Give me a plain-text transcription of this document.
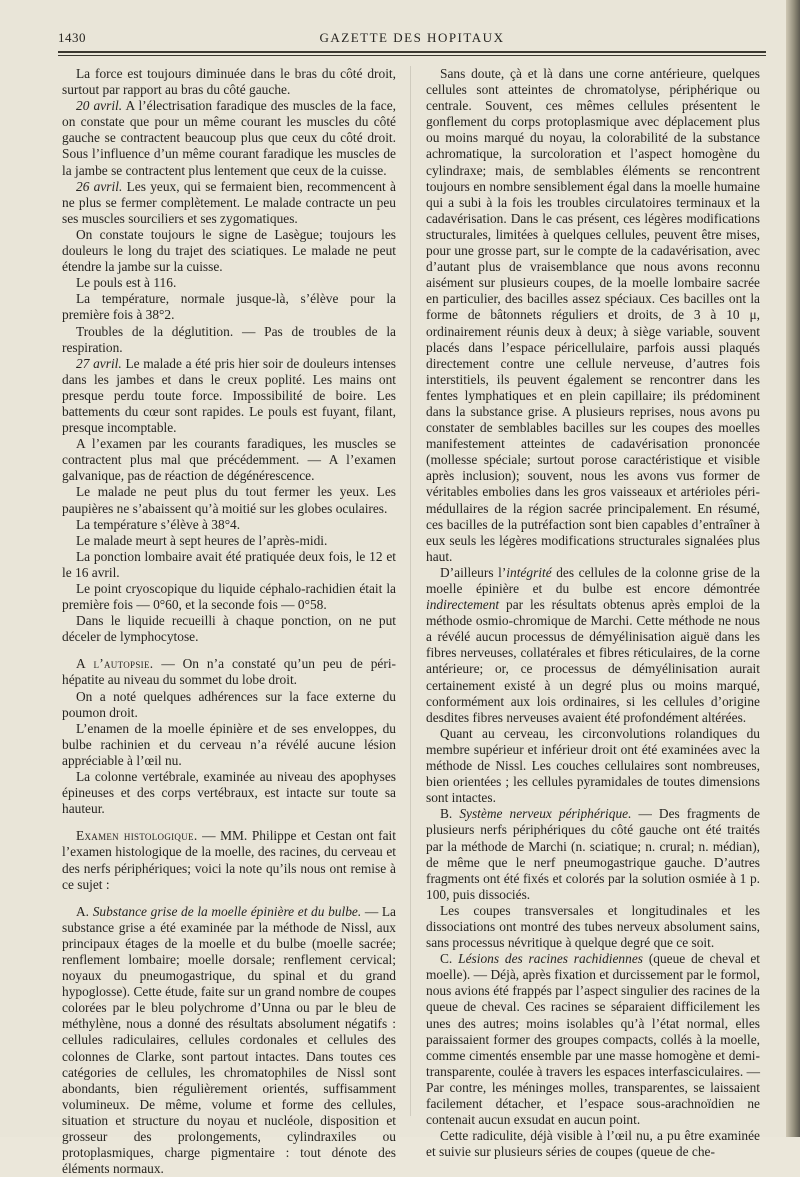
1430	GAZETTE DES HOPITAUX

La force est toujours diminuée dans le bras du côté droit, surtout par rapport au bras du côté gauche.

20 avril. A l’électrisation faradique des muscles de la face, on constate que pour un même courant les muscles du côté gauche se contractent beaucoup plus que ceux du côté droit. Sous l’influence d’un même courant faradique les muscles de la jambe se contractent plus lentement que ceux de la cuisse.

26 avril. Les yeux, qui se fermaient bien, recommencent à ne plus se fermer complètement. Le malade contracte un peu ses muscles sourciliers et ses zygomatiques.

On constate toujours le signe de Lasègue; toujours les douleurs le long du trajet des sciatiques. Le malade ne peut étendre la jambe sur la cuisse.

Le pouls est à 116.

La température, normale jusque-là, s’élève pour la première fois à 38°2.

Troubles de la déglutition. — Pas de troubles de la respiration.

27 avril. Le malade a été pris hier soir de douleurs intenses dans les jambes et dans le creux poplité. Les mains ont presque perdu toute force. Impossibilité de boire. Les battements du cœur sont rapides. Le pouls est fuyant, filant, presque incomptable.

A l’examen par les courants faradiques, les muscles se contractent plus mal que précédemment. — A l’examen galvanique, pas de réaction de dégénérescence.

Le malade ne peut plus du tout fermer les yeux. Les paupières ne s’abaissent qu’à moitié sur les globes oculaires.

La température s’élève à 38°4.

Le malade meurt à sept heures de l’après-midi.

La ponction lombaire avait été pratiquée deux fois, le 12 et le 16 avril.

Le point cryoscopique du liquide céphalo-rachidien était la première fois — 0°60, et la seconde fois — 0°58.

Dans le liquide recueilli à chaque ponction, on ne put déceler de lymphocytose.

A l’autopsie. — On n’a constaté qu’un peu de péri-hépatite au niveau du sommet du lobe droit.

On a noté quelques adhérences sur la face externe du poumon droit.

L’enamen de la moelle épinière et de ses enveloppes, du bulbe rachinien et du cerveau n’a révélé aucune lésion appréciable à l’œil nu.

La colonne vertébrale, examinée au niveau des apophyses épineuses et des corps vertébraux, est intacte sur toute sa hauteur.

Examen histologique. — MM. Philippe et Cestan ont fait l’examen histologique de la moelle, des racines, du cerveau et des nerfs périphériques; voici la note qu’ils nous ont remise à ce sujet :

A. Substance grise de la moelle épinière et du bulbe. — La substance grise a été examinée par la méthode de Nissl, aux principaux étages de la moelle et du bulbe (moelle sacrée; renflement lombaire; moelle dorsale; renflement cervical; noyaux du pneumogastrique, du spinal et du grand hypoglosse). Cette étude, faite sur un grand nombre de coupes colorées par le bleu polychrome d’Unna ou par le bleu de méthylène, nous a donné des résultats absolument négatifs : cellules radiculaires, cellules cordonales et cellules des colonnes de Clarke, sont partout intactes. Dans toutes ces catégories de cellules, les chromatophiles de Nissl sont abondants, bien régulièrement orientés, suffisamment volumineux. De même, volume et forme des cellules, situation et structure du noyau et nucléole, disposition et grosseur des prolongements, cylindraxiles ou protoplasmiques, charge pigmentaire : tout dénote des éléments normaux.

Sans doute, çà et là dans une corne antérieure, quelques cellules sont atteintes de chromatolyse, périphérique ou centrale. Souvent, ces mêmes cellules présentent le gonflement du corps protoplasmique avec déplacement plus ou moins marqué du noyau, la colorabilité de la substance achromatique, la surcoloration et l’aspect homogène du cylindraxe; mais, de semblables éléments se rencontrent toujours en nombre sensiblement égal dans la moelle humaine qui a subi à la fois les troubles circulatoires terminaux et la cadavérisation. Dans le cas présent, ces légères modifications structurales, limitées à quelques cellules, peuvent être mises, pour une grosse part, sur le compte de la cadavérisation, avec d’autant plus de vraisemblance que nous avons reconnu aisément sur plusieurs coupes, de la moelle lombaire sacrée en particulier, des bacilles assez spéciaux. Ces bacilles ont la forme de bâtonnets réguliers et droits, de 3 à 10 μ, ordinairement réunis deux à deux; à siège variable, souvent placés dans l’espace péricellulaire, parfois aussi plaqués directement contre une cellule nerveuse, d’autres fois interstitiels, ils peuvent également se rencontrer dans les fentes lymphatiques et en plein capillaire; ils prédominent dans la substance grise. A plusieurs reprises, nous avons pu constater de semblables bacilles sur les coupes des moelles manifestement atteintes de cadavérisation prononcée (mollesse spéciale; surtout porose caractéristique et visible après inclusion); souvent, nous les avons vus former de véritables embolies dans les gros vaisseaux et artérioles péri-médullaires de la région sacrée principalement. En résumé, ces bacilles de la putréfaction sont bien capables d’entraîner à eux seuls les légères modifications structurales signalées plus haut.

D’ailleurs l’intégrité des cellules de la colonne grise de la moelle épinière et du bulbe est encore démontrée indirectement par les résultats obtenus après emploi de la méthode osmio-chromique de Marchi. Cette méthode ne nous a révélé aucun processus de démyélinisation aiguë dans les fibres nerveuses, collatérales et fibres réticulaires, de la corne antérieure; or, ce processus de démyélinisation aurait certainement existé à un degré plus ou moins marqué, conformément aux lois ordinaires, si les cellules d’origine desdites fibres nerveuses avaient été profondément altérées.

Quant au cerveau, les circonvolutions rolandiques du membre supérieur et inférieur droit ont été examinées avec la méthode de Nissl. Les couches cellulaires sont nombreuses, bien orientées ; les cellules pyramidales de toutes dimensions sont intactes.

B. Système nerveux périphérique. — Des fragments de plusieurs nerfs périphériques du côté gauche ont été traités par la méthode de Marchi (n. sciatique; n. crural; n. médian), de même que le nerf pneumogastrique gauche. D’autres fragments ont été fixés et colorés par la solution osmiée à 1 p. 100, puis dissociés.

Les coupes transversales et longitudinales et les dissociations ont montré des tubes nerveux absolument sains, sans processus névritique à quelque degré que ce soit.

C. Lésions des racines rachidiennes (queue de cheval et moelle). — Déjà, après fixation et durcissement par le formol, nous avions été frappés par l’aspect singulier des racines de la queue de cheval. Ces racines se séparaient difficilement les unes des autres; moins isolables qu’à l’état normal, elles paraissaient former des groupes compacts, collés à la moelle, comme cimentés ensemble par une masse homogène et demi-transparente, coulée à travers les espaces interfasciculaires. — Par contre, les méninges molles, transparentes, se laissaient facilement détacher, et l’espace sous-arachnoïdien ne contenait aucun exsudat en aucun point.

Cette radiculite, déjà visible à l’œil nu, a pu être examinée et suivie sur plusieurs séries de coupes (queue de che-
